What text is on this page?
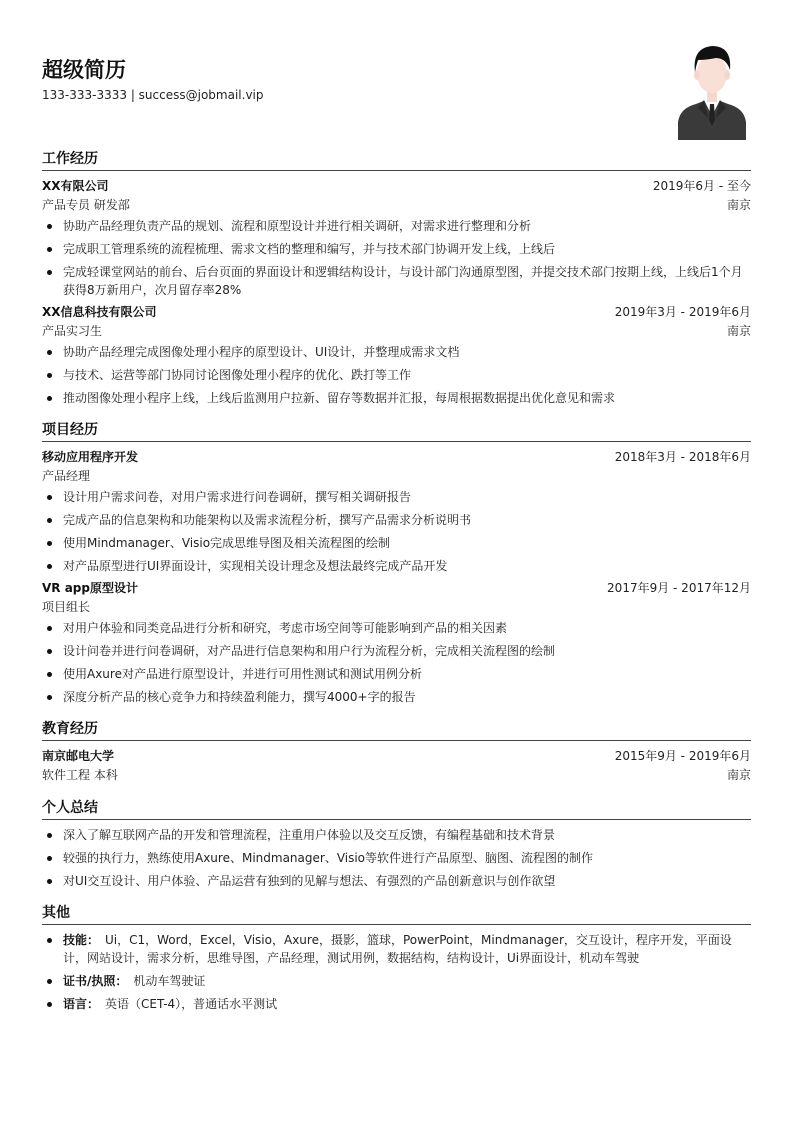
超级简历
133-333-3333 | success@jobmail.vip
工作经历
XX有限公司	2019年6月 - 至今
产品专员 研发部	南京
协助产品经理负责产品的规划、流程和原型设计并进行相关调研，对需求进行整理和分析
完成职工管理系统的流程梳理、需求文档的整理和编写，并与技术部门协调开发上线，上线后
完成轻课堂网站的前台、后台页面的界面设计和逻辑结构设计，与设计部门沟通原型图，并提交技术部门按期上线，上线后1个月获得8万新用户，次月留存率28%
XX信息科技有限公司	2019年3月 - 2019年6月
产品实习生	南京
协助产品经理完成图像处理小程序的原型设计、UI设计，并整理成需求文档
与技术、运营等部门协同讨论图像处理小程序的优化、跌打等工作
推动图像处理小程序上线，上线后监测用户拉新、留存等数据并汇报，每周根据数据提出优化意见和需求
项目经历
移动应用程序开发	2018年3月 - 2018年6月
产品经理
设计用户需求问卷，对用户需求进行问卷调研，撰写相关调研报告
完成产品的信息架构和功能架构以及需求流程分析，撰写产品需求分析说明书
使用Mindmanager、Visio完成思维导图及相关流程图的绘制
对产品原型进行UI界面设计，实现相关设计理念及想法最终完成产品开发
VR app原型设计	2017年9月 - 2017年12月
项目组长
对用户体验和同类竞品进行分析和研究，考虑市场空间等可能影响到产品的相关因素
设计问卷并进行问卷调研，对产品进行信息架构和用户行为流程分析，完成相关流程图的绘制
使用Axure对产品进行原型设计，并进行可用性测试和测试用例分析
深度分析产品的核心竞争力和持续盈利能力，撰写4000+字的报告
教育经历
南京邮电大学	2015年9月 - 2019年6月
软件工程 本科	南京
个人总结
深入了解互联网产品的开发和管理流程，注重用户体验以及交互反馈，有编程基础和技术背景
较强的执行力，熟练使用Axure、Mindmanager、Visio等软件进行产品原型、脑图、流程图的制作
对UI交互设计、用户体验、产品运营有独到的见解与想法、有强烈的产品创新意识与创作欲望
其他
技能： Ui，C1，Word，Excel，Visio，Axure，摄影，篮球，PowerPoint，Mindmanager，交互设计，程序开发，平面设计，网站设计，需求分析，思维导图，产品经理，测试用例，数据结构，结构设计，Ui界面设计，机动车驾驶
证书/执照： 机动车驾驶证
语言： 英语（CET-4），普通话水平测试
